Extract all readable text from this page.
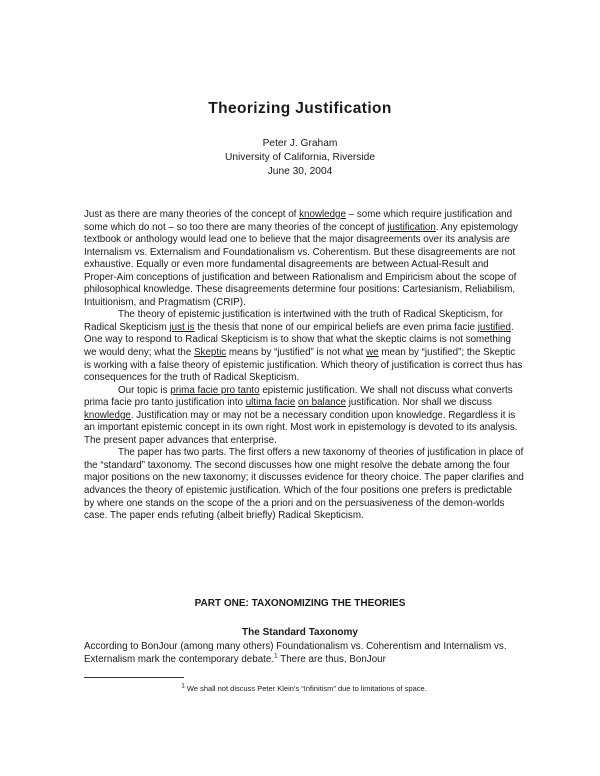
Theorizing Justification
Peter J. Graham
University of California, Riverside
June 30, 2004

Just as there are many theories of the concept of knowledge – some which require justification and some which do not – so too there are many theories of the concept of justification. Any epistemology textbook or anthology would lead one to believe that the major disagreements over its analysis are Internalism vs. Externalism and Foundationalism vs. Coherentism. But these disagreements are not exhaustive. Equally or even more fundamental disagreements are between Actual-Result and Proper-Aim conceptions of justification and between Rationalism and Empiricism about the scope of philosophical knowledge. These disagreements determine four positions: Cartesianism, Reliabilism, Intuitionism, and Pragmatism (CRIP).

The theory of epistemic justification is intertwined with the truth of Radical Skepticism, for Radical Skepticism just is the thesis that none of our empirical beliefs are even prima facie justified. One way to respond to Radical Skepticism is to show that what the skeptic claims is not something we would deny; what the Skeptic means by “justified” is not what we mean by “justified”; the Skeptic is working with a false theory of epistemic justification. Which theory of justification is correct thus has consequences for the truth of Radical Skepticism.

Our topic is prima facie pro tanto epistemic justification. We shall not discuss what converts prima facie pro tanto justification into ultima facie on balance justification. Nor shall we discuss knowledge. Justification may or may not be a necessary condition upon knowledge. Regardless it is an important epistemic concept in its own right. Most work in epistemology is devoted to its analysis. The present paper advances that enterprise.

The paper has two parts. The first offers a new taxonomy of theories of justification in place of the “standard” taxonomy. The second discusses how one might resolve the debate among the four major positions on the new taxonomy; it discusses evidence for theory choice. The paper clarifies and advances the theory of epistemic justification. Which of the four positions one prefers is predictable by where one stands on the scope of the a priori and on the persuasiveness of the demon-worlds case. The paper ends refuting (albeit briefly) Radical Skepticism.

PART ONE: TAXONOMIZING THE THEORIES
The Standard Taxonomy

According to BonJour (among many others) Foundationalism vs. Coherentism and Internalism vs. Externalism mark the contemporary debate.$^1$ There are thus, BonJour

$^1$ We shall not discuss Peter Klein’s “Infinitism” due to limitations of space.
